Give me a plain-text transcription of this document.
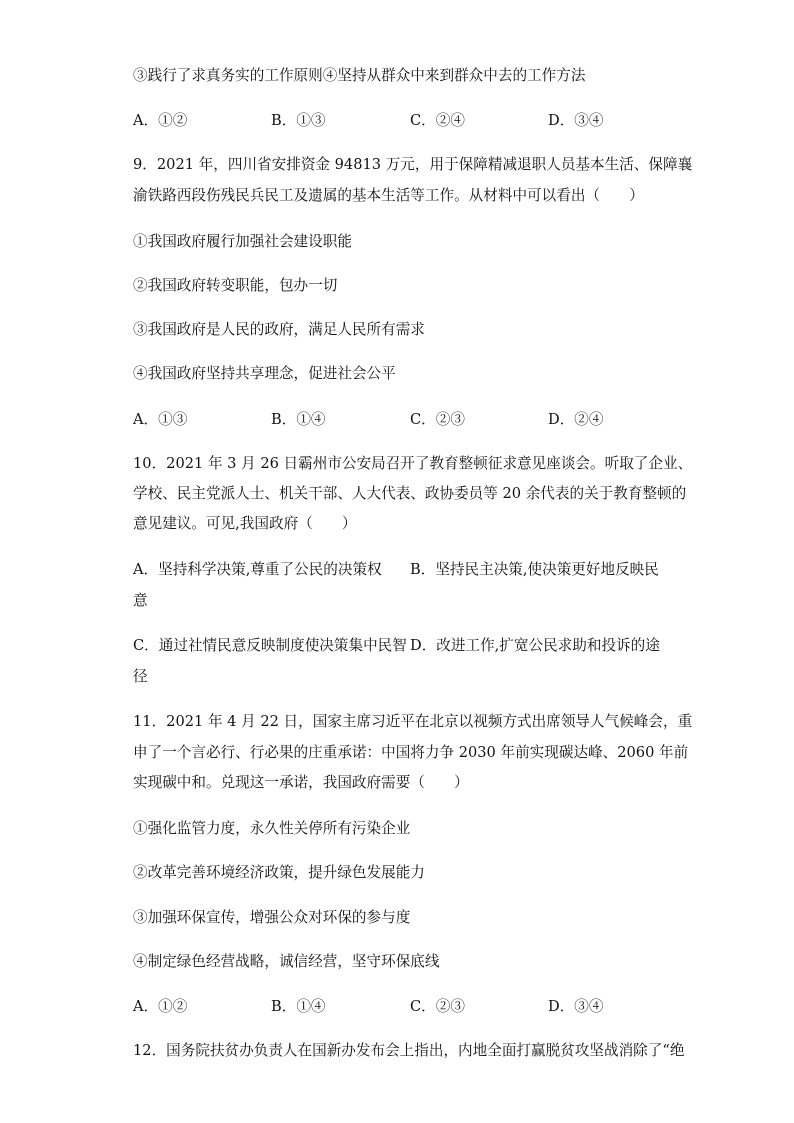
③践行了求真务实的工作原则④坚持从群众中来到群众中去的工作方法
A．①②	B．①③	C．②④	D．③④
9．2021 年，四川省安排资金 94813 万元，用于保障精减退职人员基本生活、保障襄
渝铁路西段伤残民兵民工及遗属的基本生活等工作。从材料中可以看出（　　）
①我国政府履行加强社会建设职能
②我国政府转变职能，包办一切
③我国政府是人民的政府，满足人民所有需求
④我国政府坚持共享理念，促进社会公平
A．①③	B．①④	C．②③	D．②④
10．2021 年 3 月 26 日霸州市公安局召开了教育整顿征求意见座谈会。听取了企业、
学校、民主党派人士、机关干部、人大代表、政协委员等 20 余代表的关于教育整顿的
意见建议。可见,我国政府（　　）
A．坚持科学决策,尊重了公民的决策权 B．坚持民主决策,使决策更好地反映民
意
C．通过社情民意反映制度使决策集中民智 D．改进工作,扩宽公民求助和投诉的途
径
11．2021 年 4 月 22 日，国家主席习近平在北京以视频方式出席领导人气候峰会，重
申了一个言必行、行必果的庄重承诺：中国将力争 2030 年前实现碳达峰、2060 年前
实现碳中和。兑现这一承诺，我国政府需要（　　）
①强化监管力度，永久性关停所有污染企业
②改革完善环境经济政策，提升绿色发展能力
③加强环保宣传，增强公众对环保的参与度
④制定绿色经营战略，诚信经营，坚守环保底线
A．①②	B．①④	C．②③	D．③④
12．国务院扶贫办负责人在国新办发布会上指出，内地全面打赢脱贫攻坚战消除了“绝
